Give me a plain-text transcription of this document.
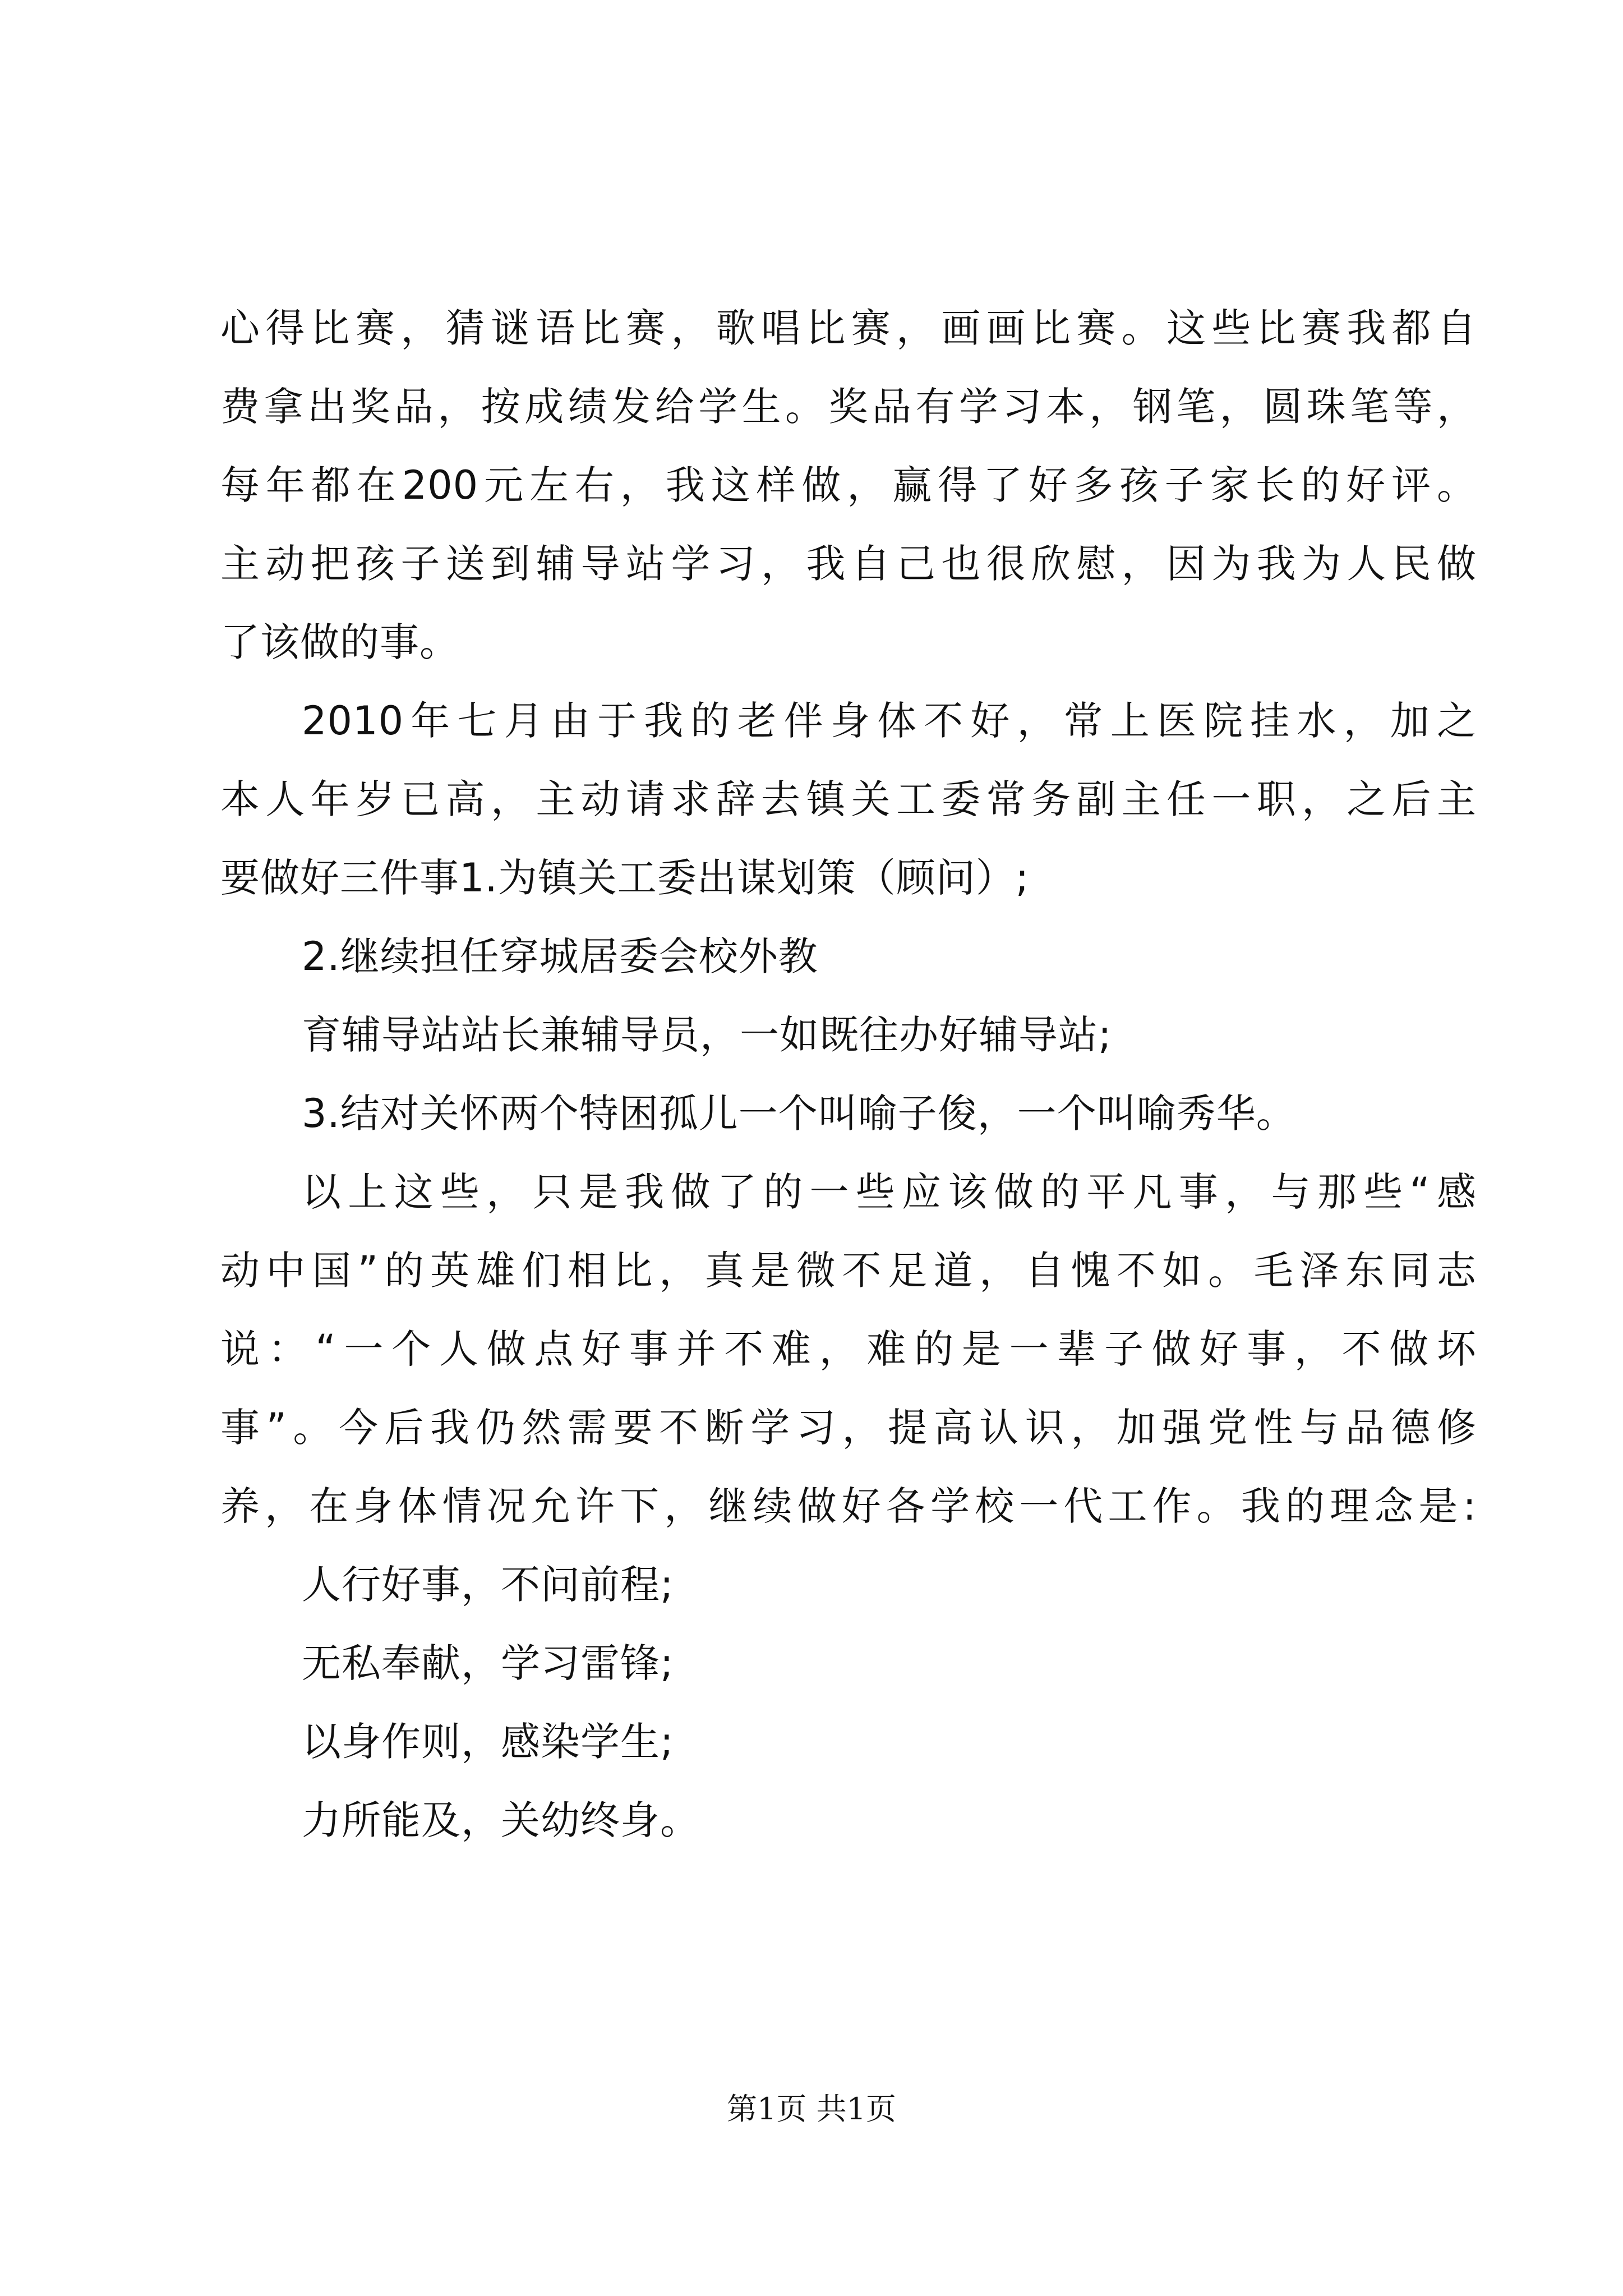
心得比赛，猜谜语比赛，歌唱比赛，画画比赛。这些比赛我都自
费拿出奖品，按成绩发给学生。奖品有学习本，钢笔，圆珠笔等，
每年都在200元左右，我这样做，赢得了好多孩子家长的好评。
主动把孩子送到辅导站学习，我自己也很欣慰，因为我为人民做
了该做的事。
2010年七月由于我的老伴身体不好，常上医院挂水，加之
本人年岁已高，主动请求辞去镇关工委常务副主任一职，之后主
要做好三件事1.为镇关工委出谋划策（顾问）;
2.继续担任穿城居委会校外教
育辅导站站长兼辅导员，一如既往办好辅导站;
3.结对关怀两个特困孤儿一个叫喻子俊，一个叫喻秀华。
以上这些，只是我做了的一些应该做的平凡事，与那些“感
动中国”的英雄们相比，真是微不足道，自愧不如。毛泽东同志
说：“一个人做点好事并不难，难的是一辈子做好事，不做坏
事”。今后我仍然需要不断学习，提高认识，加强党性与品德修
养，在身体情况允许下，继续做好各学校一代工作。我的理念是:
人行好事，不问前程;
无私奉献，学习雷锋;
以身作则，感染学生;
力所能及，关幼终身。
第1页 共1页
